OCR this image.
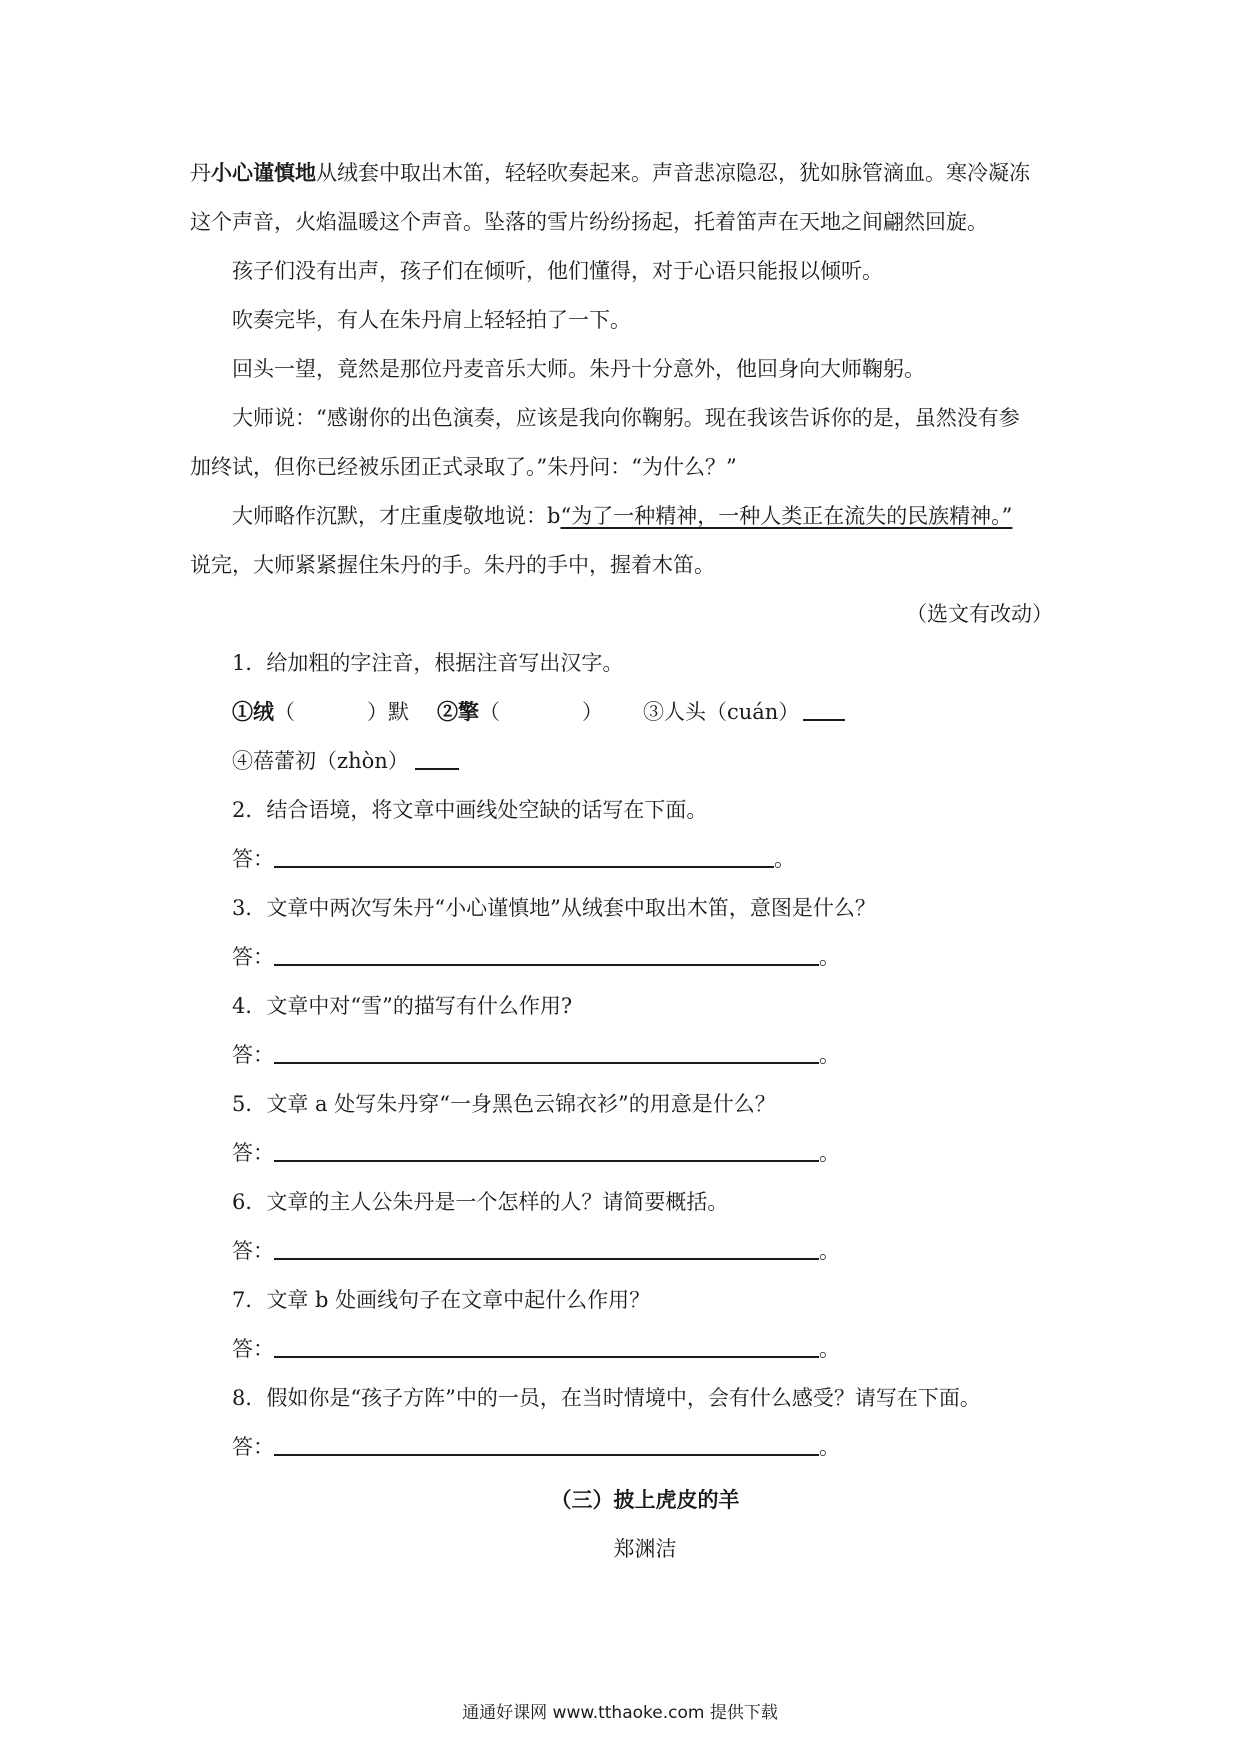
丹小心谨慎地从绒套中取出木笛，轻轻吹奏起来。声音悲凉隐忍，犹如脉管滴血。寒冷凝冻
这个声音，火焰温暖这个声音。坠落的雪片纷纷扬起，托着笛声在天地之间翩然回旋。
孩子们没有出声，孩子们在倾听，他们懂得，对于心语只能报以倾听。
吹奏完毕，有人在朱丹肩上轻轻拍了一下。
回头一望，竟然是那位丹麦音乐大师。朱丹十分意外，他回身向大师鞠躬。
大师说：“感谢你的出色演奏，应该是我向你鞠躬。现在我该告诉你的是，虽然没有参
加终试，但你已经被乐团正式录取了。”朱丹问：“为什么？”
大师略作沉默，才庄重虔敬地说：b“为了一种精神，一种人类正在流失的民族精神。”
说完，大师紧紧握住朱丹的手。朱丹的手中，握着木笛。
（选文有改动）
1．给加粗的字注音，根据注音写出汉字。
①绒（	）默 ②擎（	） ③人头（cuán）
④蓓蕾初（zhòn）
2．结合语境，将文章中画线处空缺的话写在下面。
答：	。
3．文章中两次写朱丹“小心谨慎地”从绒套中取出木笛，意图是什么？
答：	。
4．文章中对“雪”的描写有什么作用?
答：	。
5．文章 a 处写朱丹穿“一身黑色云锦衣衫”的用意是什么？
答：	。
6．文章的主人公朱丹是一个怎样的人？请简要概括。
答：	。
7．文章 b 处画线句子在文章中起什么作用？
答：	。
8．假如你是“孩子方阵”中的一员，在当时情境中，会有什么感受？请写在下面。
答：	。
（三）披上虎皮的羊
郑渊洁
通通好课网 www.tthaoke.com 提供下载
